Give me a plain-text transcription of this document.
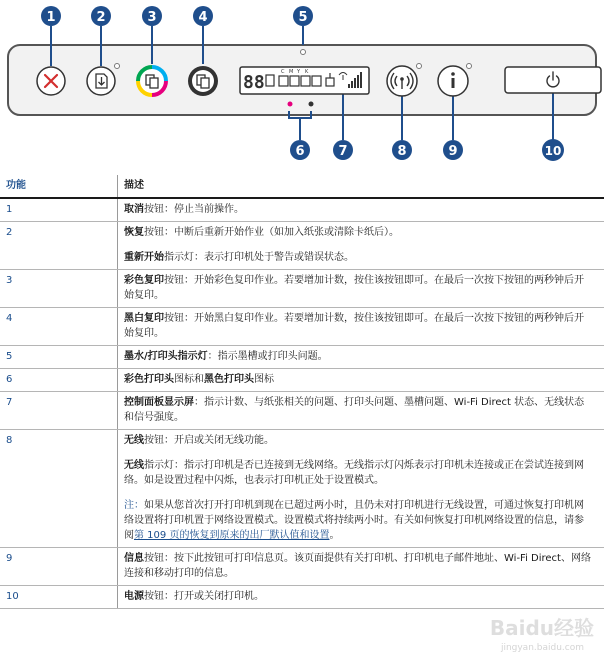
1	2	3	4	5
6	7	8	9	10
88	C M Y K
功能	描述
1	取消按钮：停止当前操作。

2	恢复按钮：中断后重新开始作业（如加入纸张或清除卡纸后）。

重新开始指示灯：表示打印机处于警告或错误状态。

3	彩色复印按钮：开始彩色复印作业。若要增加计数，按住该按钮即可。在最后一次按下按钮的两秒钟后开始复印。

4	黑白复印按钮：开始黑白复印作业。若要增加计数，按住该按钮即可。在最后一次按下按钮的两秒钟后开始复印。

5	墨水/打印头指示灯：指示墨槽或打印头问题。

6	彩色打印头图标和黑色打印头图标

7	控制面板显示屏：指示计数、与纸张相关的问题、打印头问题、墨槽问题、Wi-Fi Direct 状态、无线状态和信号强度。

8	无线按钮：开启或关闭无线功能。

无线指示灯：指示打印机是否已连接到无线网络。无线指示灯闪烁表示打印机未连接或正在尝试连接到网络。如是设置过程中闪烁，也表示打印机正处于设置模式。

注：如果从您首次打开打印机到现在已超过两小时，且仍未对打印机进行无线设置，可通过恢复打印机网络设置将打印机置于网络设置模式。设置模式将持续两小时。有关如何恢复打印机网络设置的信息，请参阅第 109 页的恢复到原来的出厂默认值和设置。

9	信息按钮：按下此按钮可打印信息页。该页面提供有关打印机、打印机电子邮件地址、Wi-Fi Direct、网络连接和移动打印的信息。

10	电源按钮：打开或关闭打印机。

Baidu经验
jingyan.baidu.com
